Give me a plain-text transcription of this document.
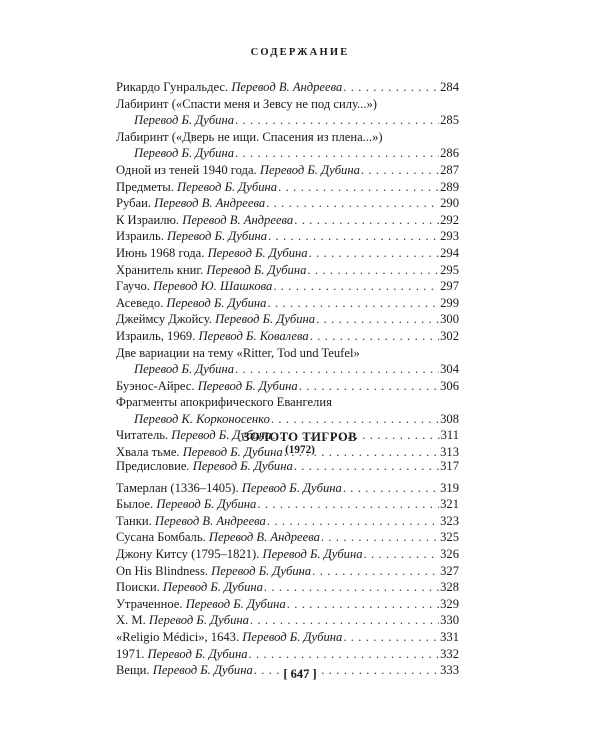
СОДЕРЖАНИЕ
Рикардо Гунральдес. Перевод В. Андреева . . .	284
Лабиринт («Спасти меня и Зевсу не под силу...»)
Перевод Б. Дубина . . .	285
Лабиринт («Дверь не ищи. Спасения из плена...»)
Перевод Б. Дубина . . .	286
Одной из теней 1940 года. Перевод Б. Дубина . . .	287
Предметы. Перевод Б. Дубина . . .	289
Рубаи. Перевод В. Андреева . . .	290
К Израилю. Перевод В. Андреева . . .	292
Израиль. Перевод Б. Дубина . . .	293
Июнь 1968 года. Перевод Б. Дубина . . .	294
Хранитель книг. Перевод Б. Дубина . . .	295
Гаучо. Перевод Ю. Шашкова . . .	297
Асеведо. Перевод Б. Дубина . . .	299
Джеймсу Джойсу. Перевод Б. Дубина . . .	300
Израиль, 1969. Перевод Б. Ковалева . . .	302
Две вариации на тему «Ritter, Tod und Teufel»
Перевод Б. Дубина . . .	304
Буэнос-Айрес. Перевод Б. Дубина . . .	306
Фрагменты апокрифического Евангелия
Перевод К. Корконосенко . . .	308
Читатель. Перевод Б. Дубина . . .	311
Хвала тьме. Перевод Б. Дубина . . .	313
ЗОЛОТО ТИГРОВ
(1972)
Предисловие. Перевод Б. Дубина . . .	317
Тамерлан (1336–1405). Перевод Б. Дубина . . .	319
Былое. Перевод Б. Дубина . . .	321
Танки. Перевод В. Андреева . . .	323
Сусана Бомбаль. Перевод В. Андреева . . .	325
Джону Китсу (1795–1821). Перевод Б. Дубина . . .	326
On His Blindness. Перевод Б. Дубина . . .	327
Поиски. Перевод Б. Дубина . . .	328
Утраченное. Перевод Б. Дубина . . .	329
Х. М. Перевод Б. Дубина . . .	330
«Religio Médici», 1643. Перевод Б. Дубина . . .	331
1971. Перевод Б. Дубина . . .	332
Вещи. Перевод Б. Дубина . . .	333
[ 647 ]
